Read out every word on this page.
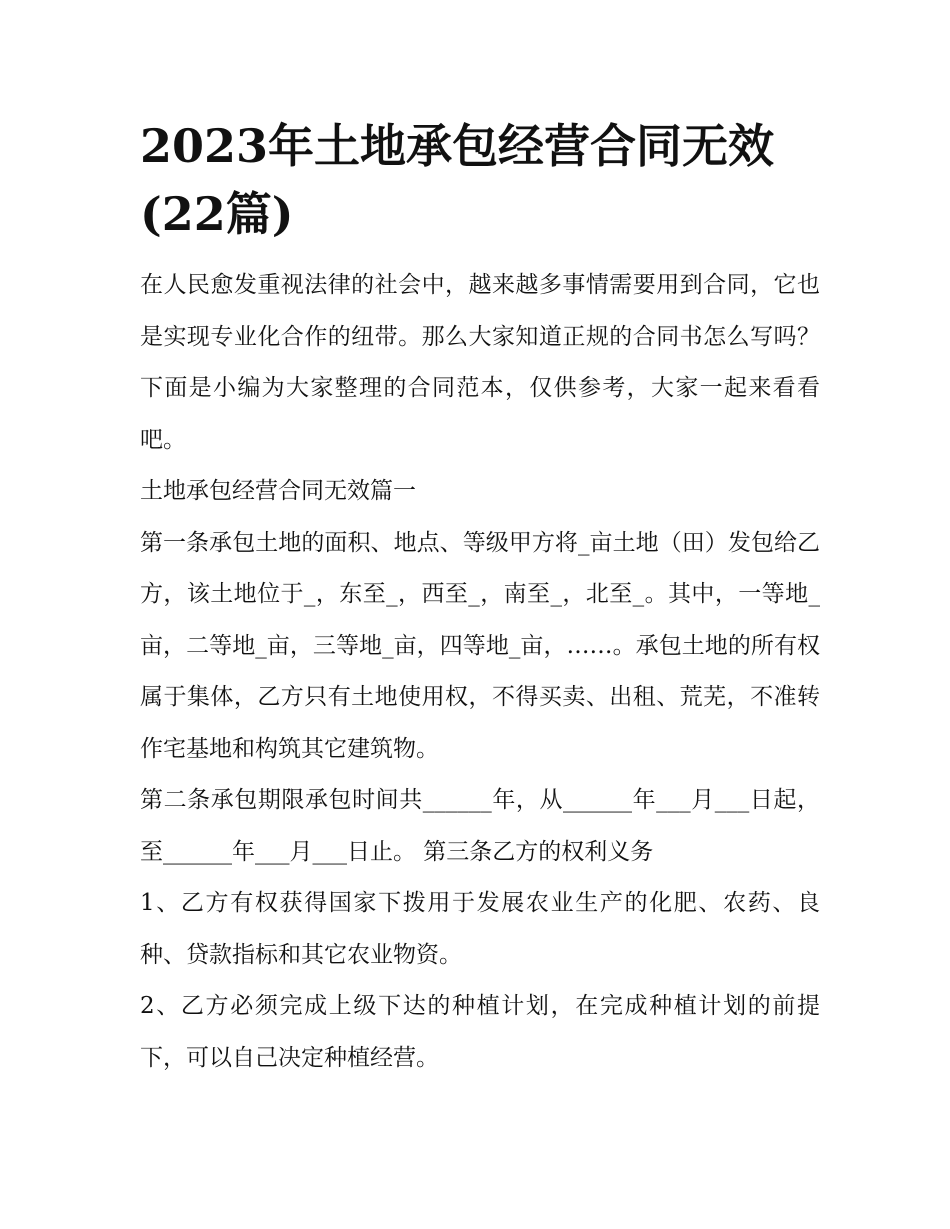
2023年土地承包经营合同无效(22篇)

在人民愈发重视法律的社会中，越来越多事情需要用到合同，它也是实现专业化合作的纽带。那么大家知道正规的合同书怎么写吗？下面是小编为大家整理的合同范本，仅供参考，大家一起来看看吧。

土地承包经营合同无效篇一

第一条承包土地的面积、地点、等级甲方将_亩土地（田）发包给乙方，该土地位于_，东至_，西至_，南至_，北至_。其中，一等地_亩，二等地_亩，三等地_亩，四等地_亩，……。承包土地的所有权属于集体，乙方只有土地使用权，不得买卖、出租、荒芜，不准转作宅基地和构筑其它建筑物。

第二条承包期限承包时间共______年，从______年___月___日起，至______年___月___日止。 第三条乙方的权利义务

1、乙方有权获得国家下拨用于发展农业生产的化肥、农药、良种、贷款指标和其它农业物资。

2、乙方必须完成上级下达的种植计划，在完成种植计划的前提下，可以自己决定种植经营。
